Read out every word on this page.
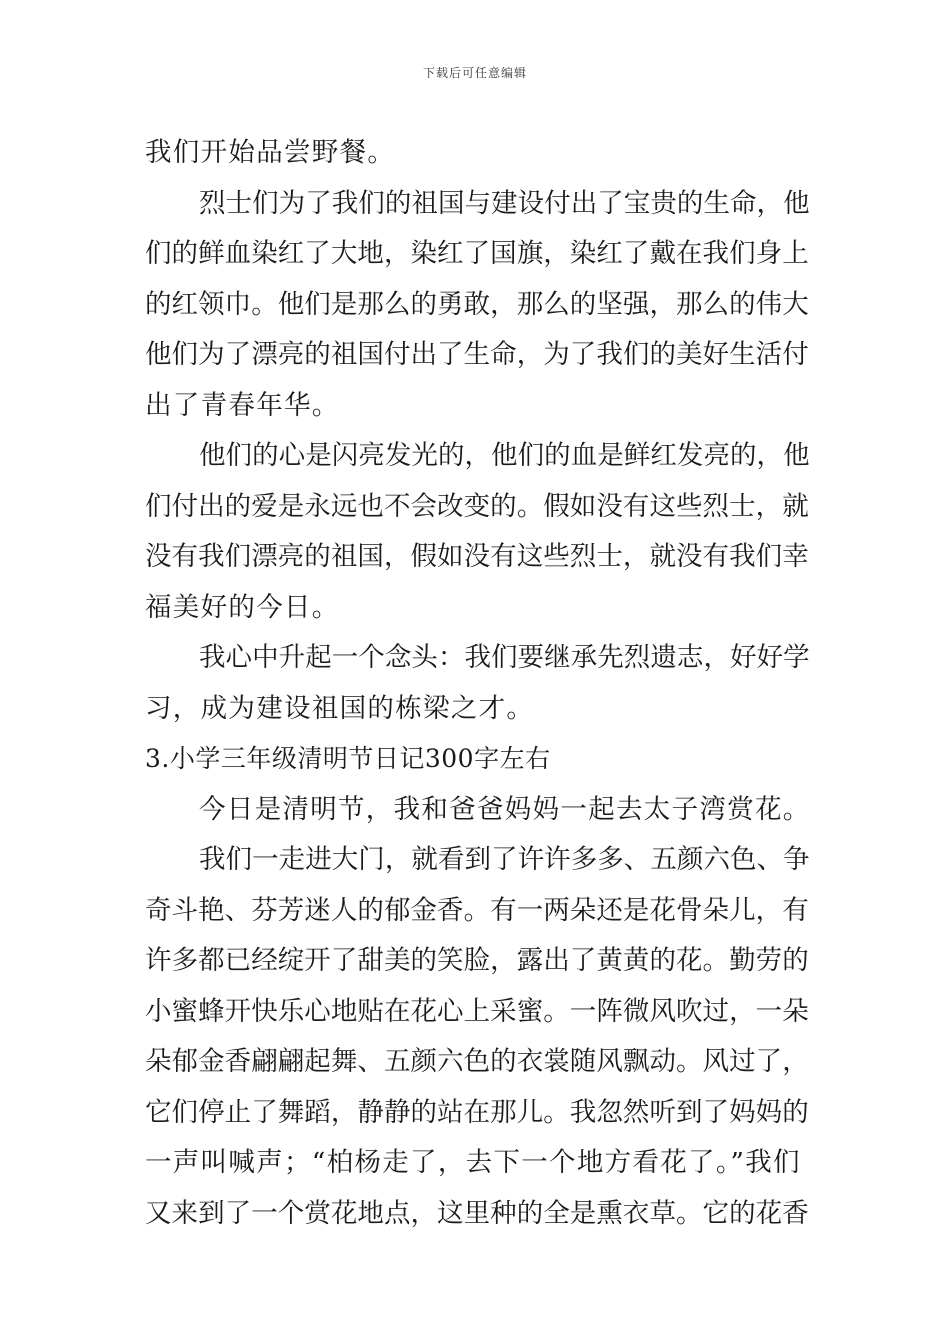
下载后可任意编辑

我们开始品尝野餐。

烈士们为了我们的祖国与建设付出了宝贵的生命，他

们的鲜血染红了大地，染红了国旗，染红了戴在我们身上

的红领巾。他们是那么的勇敢，那么的坚强，那么的伟大

他们为了漂亮的祖国付出了生命，为了我们的美好生活付

出了青春年华。

他们的心是闪亮发光的，他们的血是鲜红发亮的，他

们付出的爱是永远也不会改变的。假如没有这些烈士，就

没有我们漂亮的祖国，假如没有这些烈士，就没有我们幸

福美好的今日。

我心中升起一个念头：我们要继承先烈遗志，好好学

习，成为建设祖国的栋梁之才。

3.小学三年级清明节日记300字左右

今日是清明节，我和爸爸妈妈一起去太子湾赏花。

我们一走进大门，就看到了许许多多、五颜六色、争

奇斗艳、芬芳迷人的郁金香。有一两朵还是花骨朵儿，有

许多都已经绽开了甜美的笑脸，露出了黄黄的花。勤劳的

小蜜蜂开快乐心地贴在花心上采蜜。一阵微风吹过，一朵

朵郁金香翩翩起舞、五颜六色的衣裳随风飘动。风过了，

它们停止了舞蹈，静静的站在那儿。我忽然听到了妈妈的

一声叫喊声；“柏杨走了，去下一个地方看花了。”我们

又来到了一个赏花地点，这里种的全是熏衣草。它的花香
